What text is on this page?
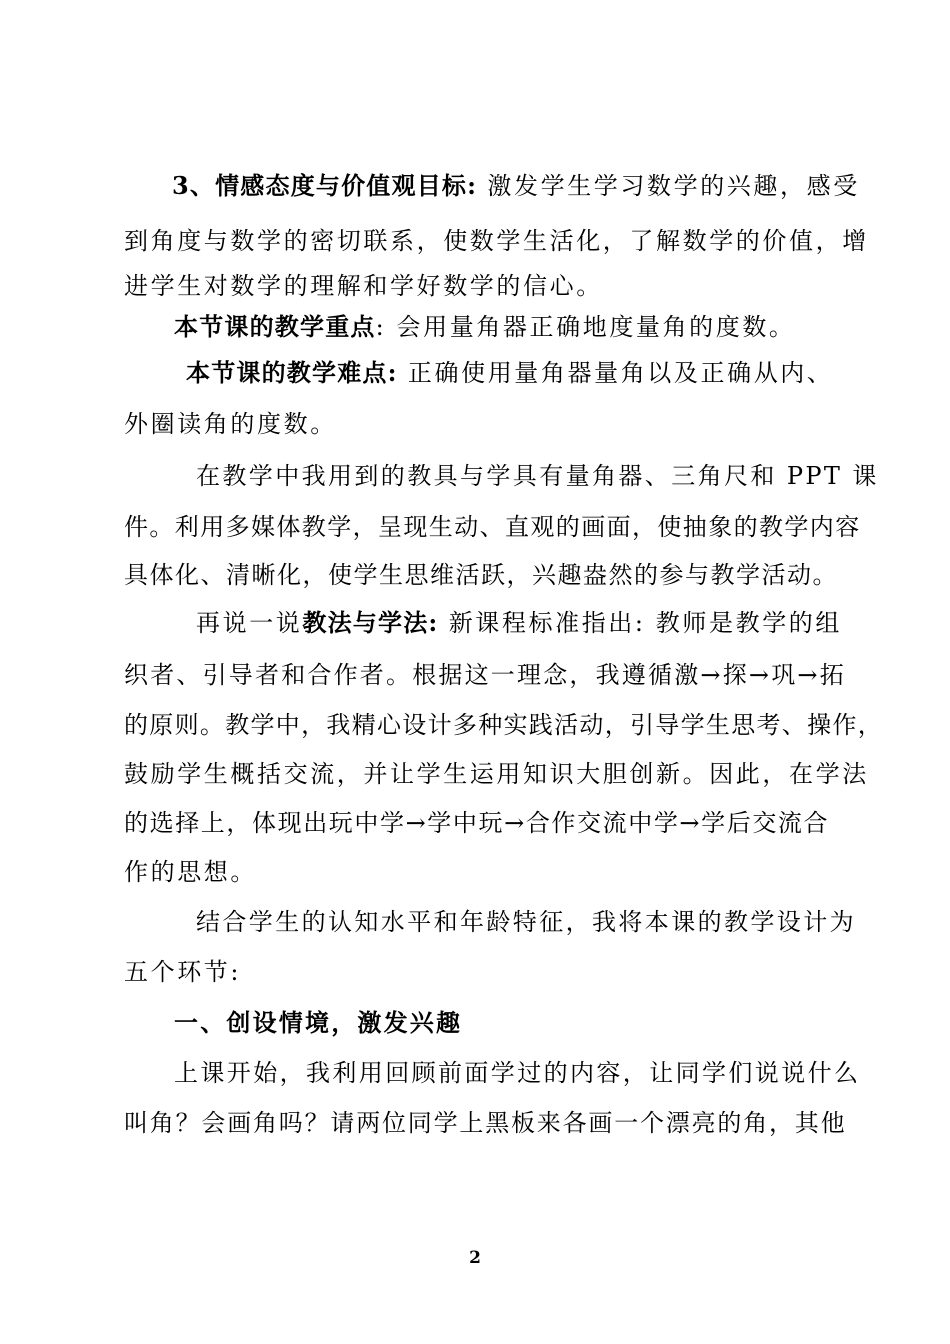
3、情感态度与价值观目标: 激发学生学习数学的兴趣，感受
到角度与数学的密切联系，使数学生活化，了解数学的价值，增
进学生对数学的理解和学好数学的信心。
本节课的教学重点: 会用量角器正确地度量角的度数。
本节课的教学难点: 正确使用量角器量角以及正确从内、
外圈读角的度数。
在教学中我用到的教具与学具有量角器、三角尺和 PPT 课
件。利用多媒体教学，呈现生动、直观的画面，使抽象的教学内容
具体化、清晰化，使学生思维活跃，兴趣盎然的参与教学活动。
再说一说教法与学法: 新课程标准指出: 教师是教学的组
织者、引导者和合作者。根据这一理念，我遵循激→探→巩→拓
的原则。教学中，我精心设计多种实践活动，引导学生思考、操作，
鼓励学生概括交流，并让学生运用知识大胆创新。因此，在学法
的选择上，体现出玩中学→学中玩→合作交流中学→学后交流合
作的思想。
结合学生的认知水平和年龄特征，我将本课的教学设计为
五个环节:
一、创设情境，激发兴趣
上课开始，我利用回顾前面学过的内容，让同学们说说什么
叫角？会画角吗？请两位同学上黑板来各画一个漂亮的角，其他
2
